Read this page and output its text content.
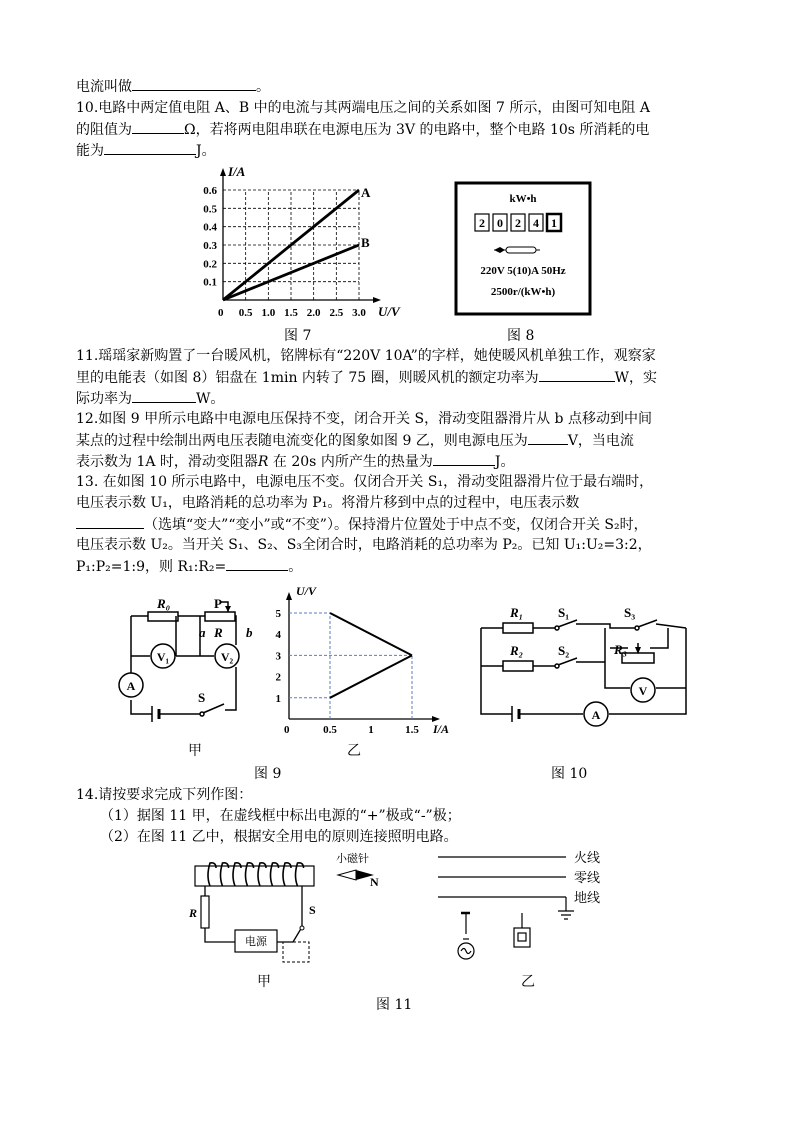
电流叫做	。
10.电路中两定值电阻 A、B 中的电流与其两端电压之间的关系如图 7 所示，由图可知电阻 A
的阻值为	Ω，若将两电阻串联在电源电压为 3V 的电路中，整个电路 10s 所消耗的电
能为	J。
0.5 1.0 1.5 2.0 2.5 3.0
0.1
0.2
0.3
0.4
0.5
0.6
I/A
U/V
0
A
B
kW•h
2 0 2 4 1
220V 5(10)A 50Hz
2500r/(kW•h)
R₀	P
R
a	b
V₁	V₂
A
S
0.5	1	1.5
1
2
3
4
5
U/V
I/A
0
R₁	S₁	S₃
R₂	S₂	R₃
V
A
R	S
电源
小磁针
N
火线
零线
地线
图 7	图 8
11.瑶瑶家新购置了一台暖风机，铭牌标有“220V 10A”的字样，她使暖风机单独工作，观察家
里的电能表（如图 8）铝盘在 1min 内转了 75 圈，则暖风机的额定功率为	W，实
际功率为	W。
12.如图 9 甲所示电路中电源电压保持不变，闭合开关 S，滑动变阻器滑片从 b 点移动到中间
某点的过程中绘制出两电压表随电流变化的图象如图 9 乙，则电源电压为	V，当电流
表示数为 1A 时，滑动变阻器R 在 20s 内所产生的热量为	J。
13. 在如图 10 所示电路中，电源电压不变。仅闭合开关 S₁，滑动变阻器滑片位于最右端时，
电压表示数 U₁，电路消耗的总功率为 P₁。将滑片移到中点的过程中，电压表示数
（选填“变大”“变小”或“不变”）。保持滑片位置处于中点不变，仅闭合开关 S₂时，
电压表示数 U₂。当开关 S₁、S₂、S₃全闭合时，电路消耗的总功率为 P₂。已知 U₁:U₂=3:2，
P₁:P₂=1:9，则 R₁:R₂=	。
甲	乙
图 9	图 10
14.请按要求完成下列作图：
（1）据图 11 甲，在虚线框中标出电源的“+”极或“-”极；
（2）在图 11 乙中，根据安全用电的原则连接照明电路。
甲	乙
图 11
